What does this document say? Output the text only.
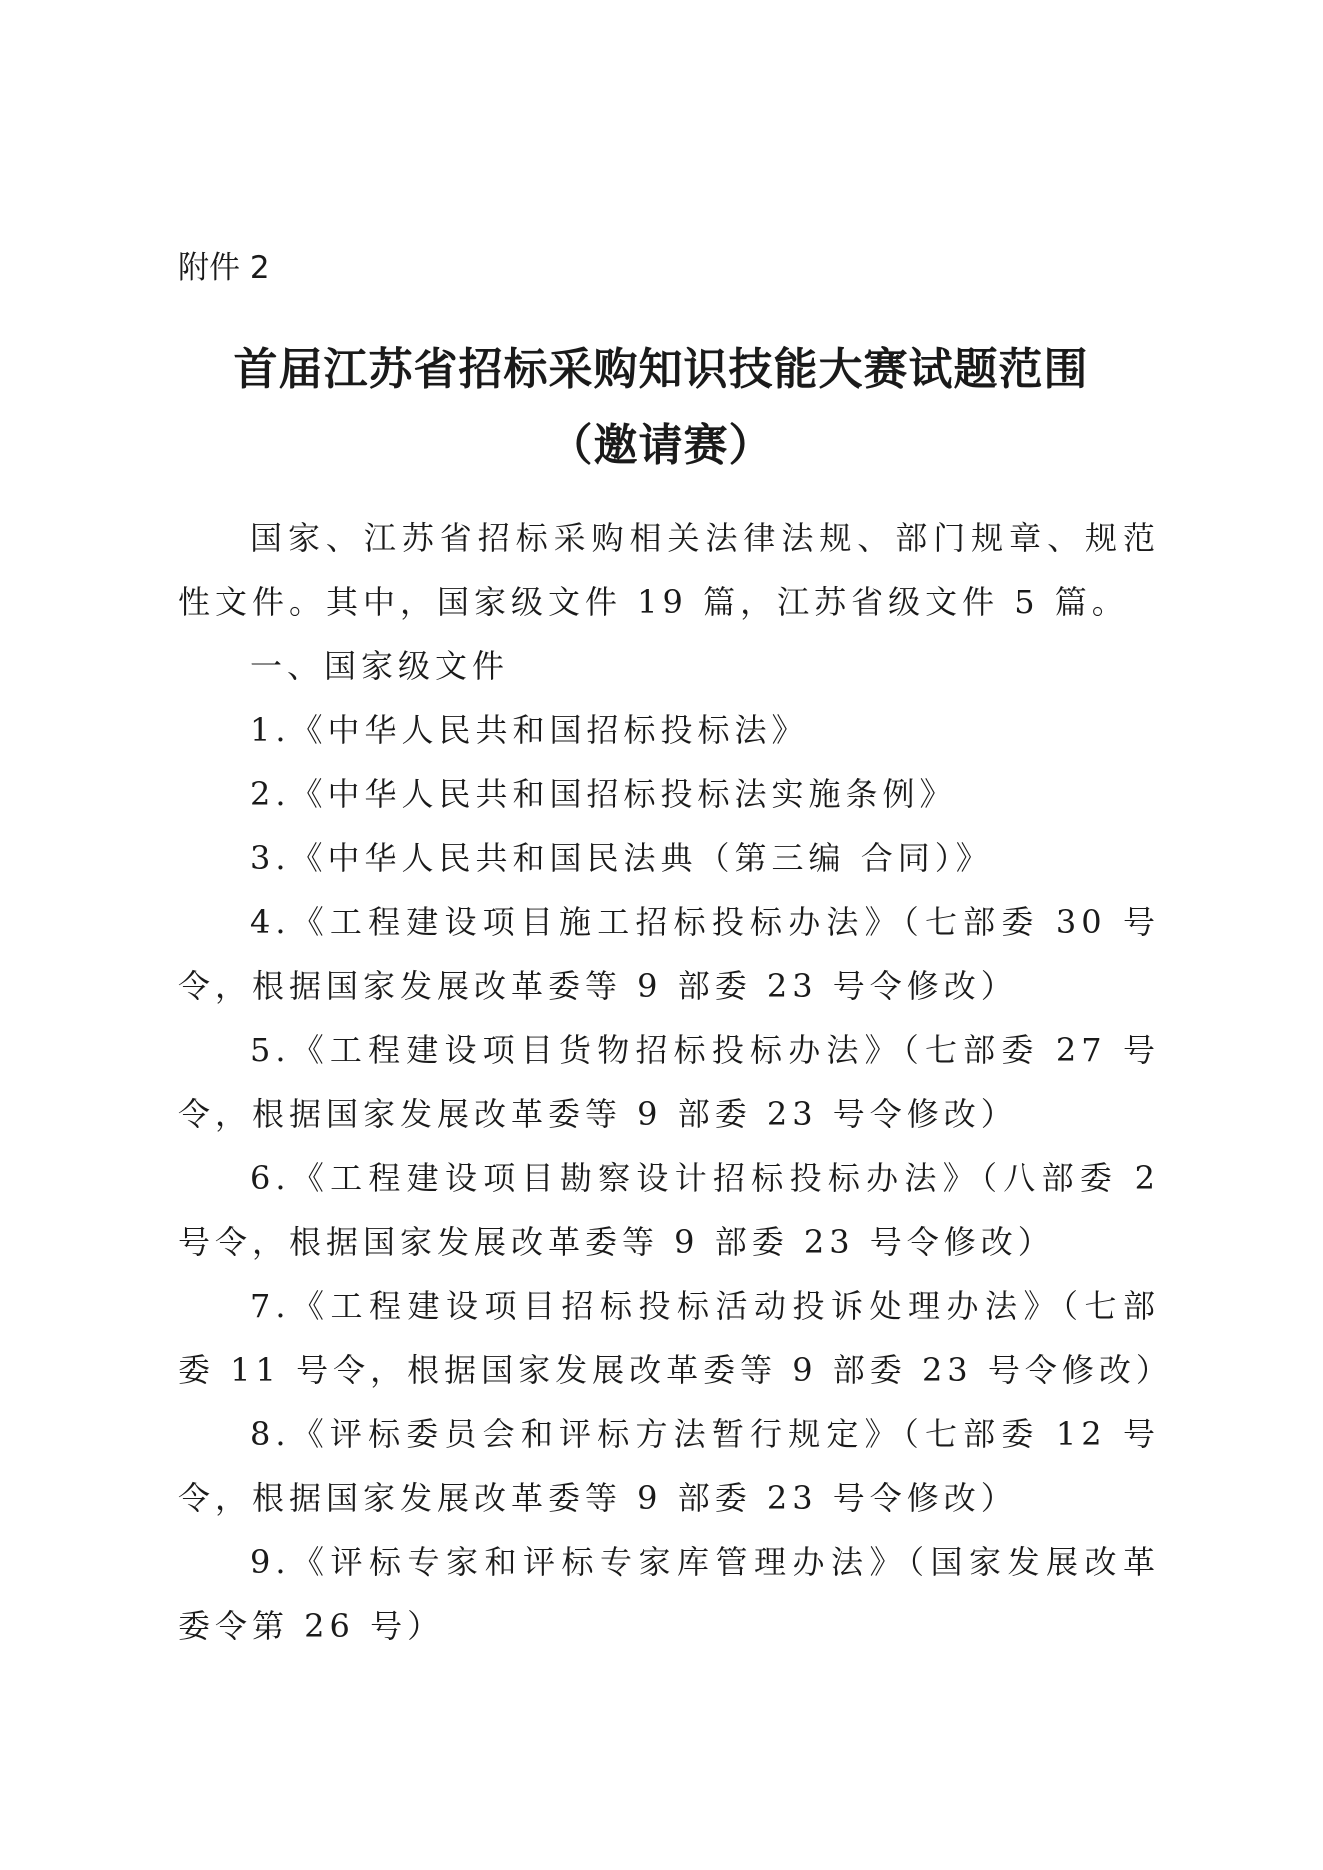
附件 2

首届江苏省招标采购知识技能大赛试题范围
（邀请赛）

国家、江苏省招标采购相关法律法规、部门规章、规范性文件。其中，国家级文件 19 篇，江苏省级文件 5 篇。

一、国家级文件

1.《中华人民共和国招标投标法》

2.《中华人民共和国招标投标法实施条例》

3.《中华人民共和国民法典（第三编 合同）》

4.《工程建设项目施工招标投标办法》（七部委 30 号令，根据国家发展改革委等 9 部委 23 号令修改）

5.《工程建设项目货物招标投标办法》（七部委 27 号令，根据国家发展改革委等 9 部委 23 号令修改）

6.《工程建设项目勘察设计招标投标办法》（八部委 2 号令，根据国家发展改革委等 9 部委 23 号令修改）

7.《工程建设项目招标投标活动投诉处理办法》（七部委 11 号令，根据国家发展改革委等 9 部委 23 号令修改）

8.《评标委员会和评标方法暂行规定》（七部委 12 号令，根据国家发展改革委等 9 部委 23 号令修改）

9.《评标专家和评标专家库管理办法》（国家发展改革委令第 26 号）
